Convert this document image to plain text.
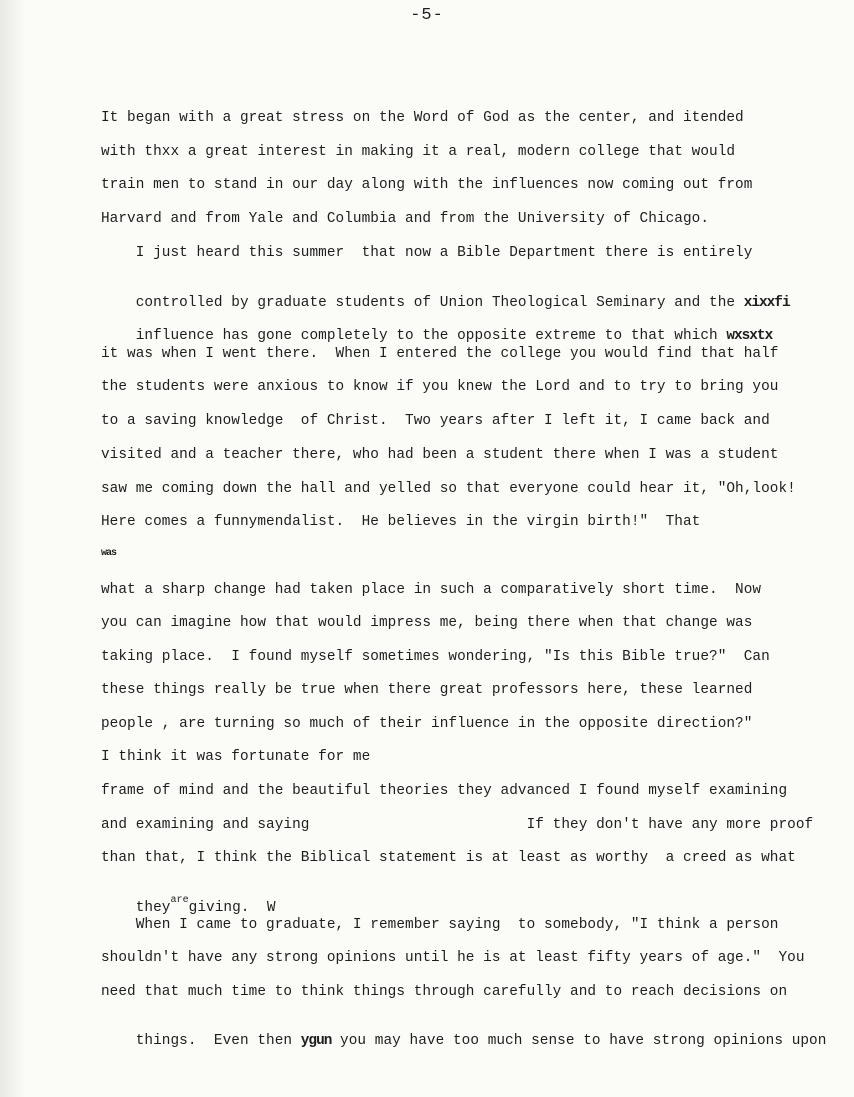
-5-
It began with a great stress on the Word of God as the center, and itended
with thxx a great interest in making it a real, modern college that would
train men to stand in our day along with the influences now coming out from
Harvard and from Yale and Columbia and from the University of Chicago.
I just heard this summer  that now a Bible Department there is entirely

controlled by graduate students of Union Theological Seminary and the xixxfi

influence has gone completely to the opposite extreme to that which wxsxtx

it was when I went there.  When I entered the college you would find that half
the students were anxious to know if you knew the Lord and to try to bring you
to a saving knowledge  of Christ.  Two years after I left it, I came back and
visited and a teacher there, who had been a student there when I was a student
saw me coming down the hall and yelled so that everyone could hear it, "Oh,look!
Here comes a funnymendalist.  He believes in the virgin birth!"  That
was
what a sharp change had taken place in such a comparatively short time.  Now
you can imagine how that would impress me, being there when that change was
taking place.  I found myself sometimes wondering, "Is this Bible true?"  Can
these things really be true when there great professors here, these learned
people , are turning so much of their influence in the opposite direction?"
I think it was fortunate for me
frame of mind and the beautiful theories they advanced I found myself examining
and examining and saying                         If they don't have any more proof
than that, I think the Biblical statement is at least as worthy  a creed as what

they$^{are}$giving.  W

When I came to graduate, I remember saying  to somebody, "I think a person
shouldn't have any strong opinions until he is at least fifty years of age."  You
need that much time to think things through carefully and to reach decisions on

things.  Even then ygun you may have too much sense to have strong opinions upon
